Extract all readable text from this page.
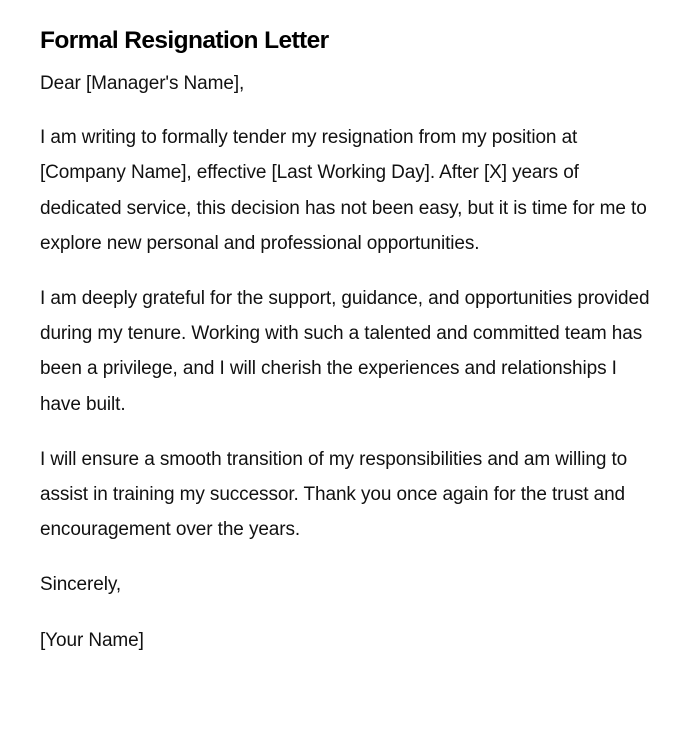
Formal Resignation Letter

Dear [Manager's Name],

I am writing to formally tender my resignation from my position at [Company Name], effective [Last Working Day]. After [X] years of dedicated service, this decision has not been easy, but it is time for me to explore new personal and professional opportunities.

I am deeply grateful for the support, guidance, and opportunities provided during my tenure. Working with such a talented and committed team has been a privilege, and I will cherish the experiences and relationships I have built.

I will ensure a smooth transition of my responsibilities and am willing to assist in training my successor. Thank you once again for the trust and encouragement over the years.

Sincerely,

[Your Name]
